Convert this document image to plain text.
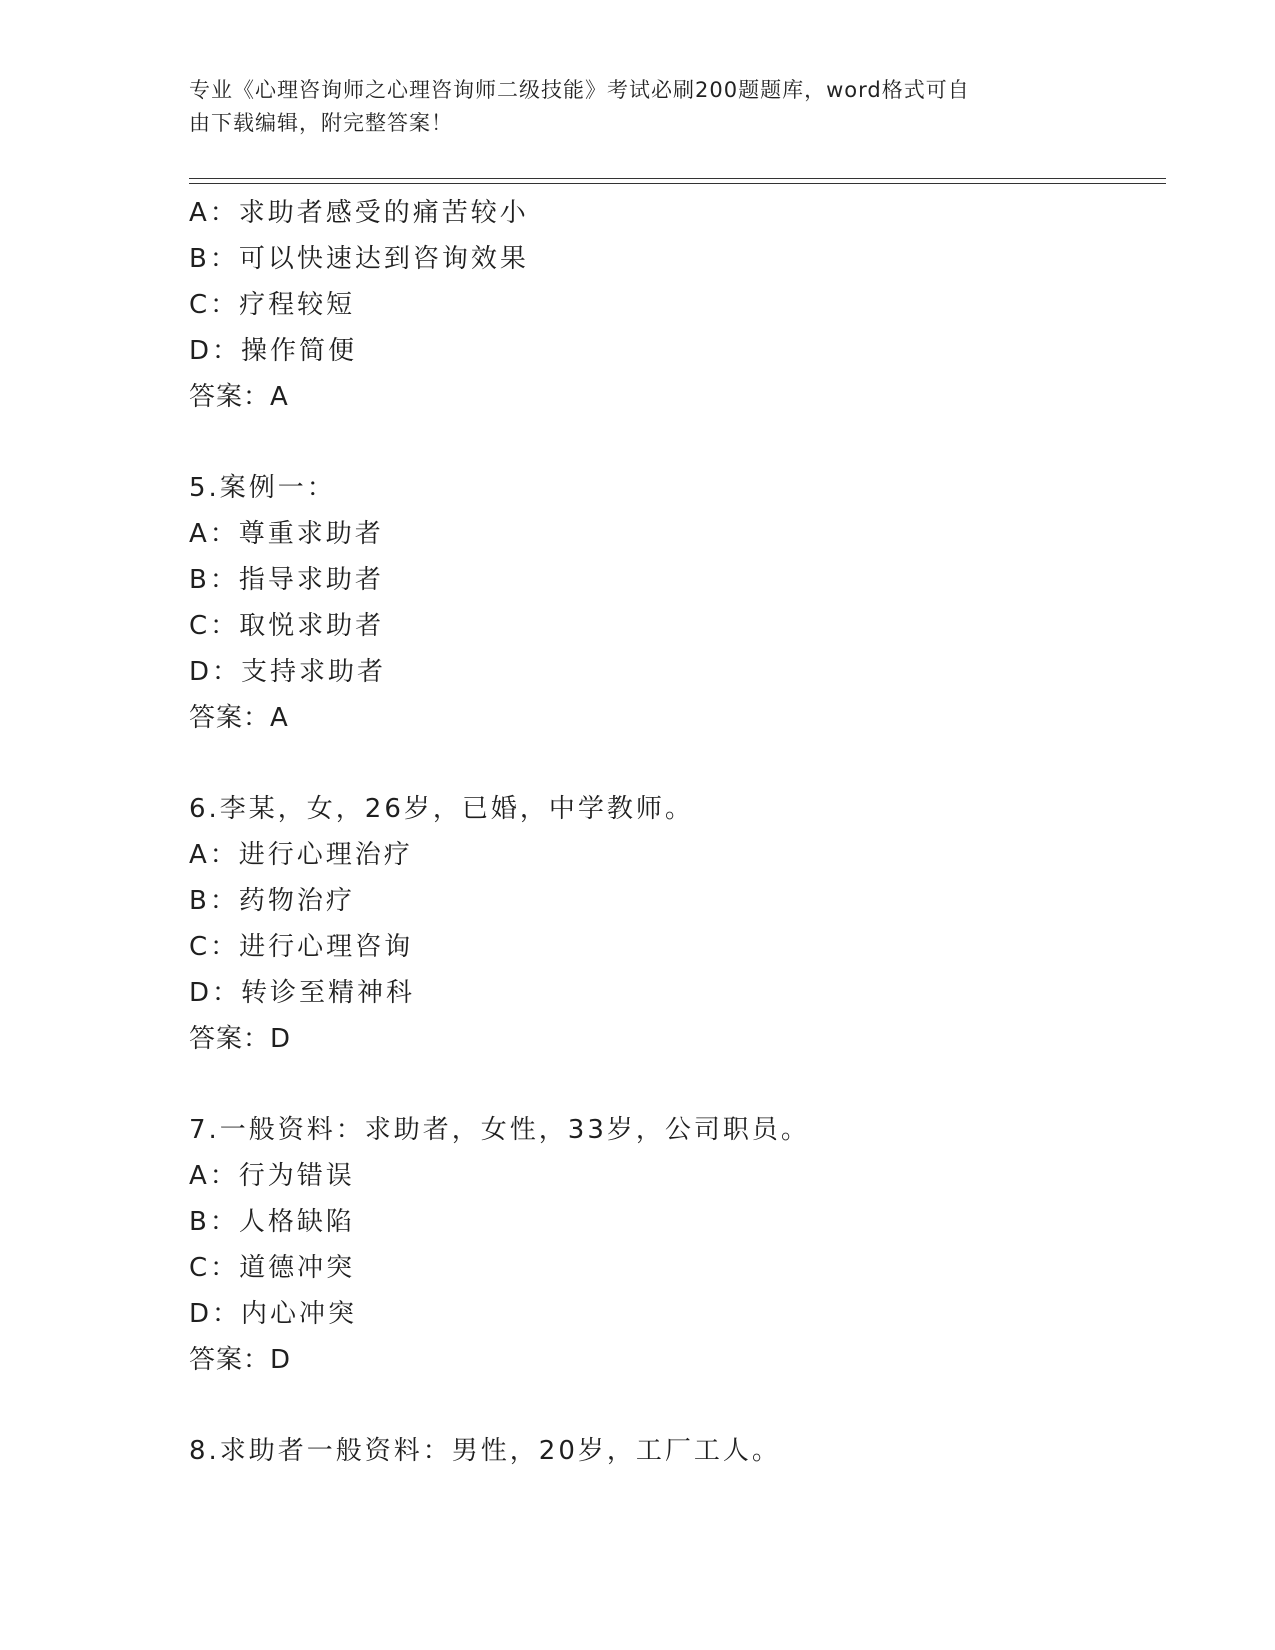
专业《心理咨询师之心理咨询师二级技能》考试必刷200题题库，word格式可自
由下载编辑，附完整答案！
A：求助者感受的痛苦较小
B：可以快速达到咨询效果
C：疗程较短
D：操作简便
答案：A
5.案例一：
A：尊重求助者
B：指导求助者
C：取悦求助者
D：支持求助者
答案：A
6.李某，女，26岁，已婚，中学教师。
A：进行心理治疗
B：药物治疗
C：进行心理咨询
D：转诊至精神科
答案：D
7.一般资料：求助者，女性，33岁，公司职员。
A：行为错误
B：人格缺陷
C：道德冲突
D：内心冲突
答案：D
8.求助者一般资料：男性，20岁，工厂工人。
